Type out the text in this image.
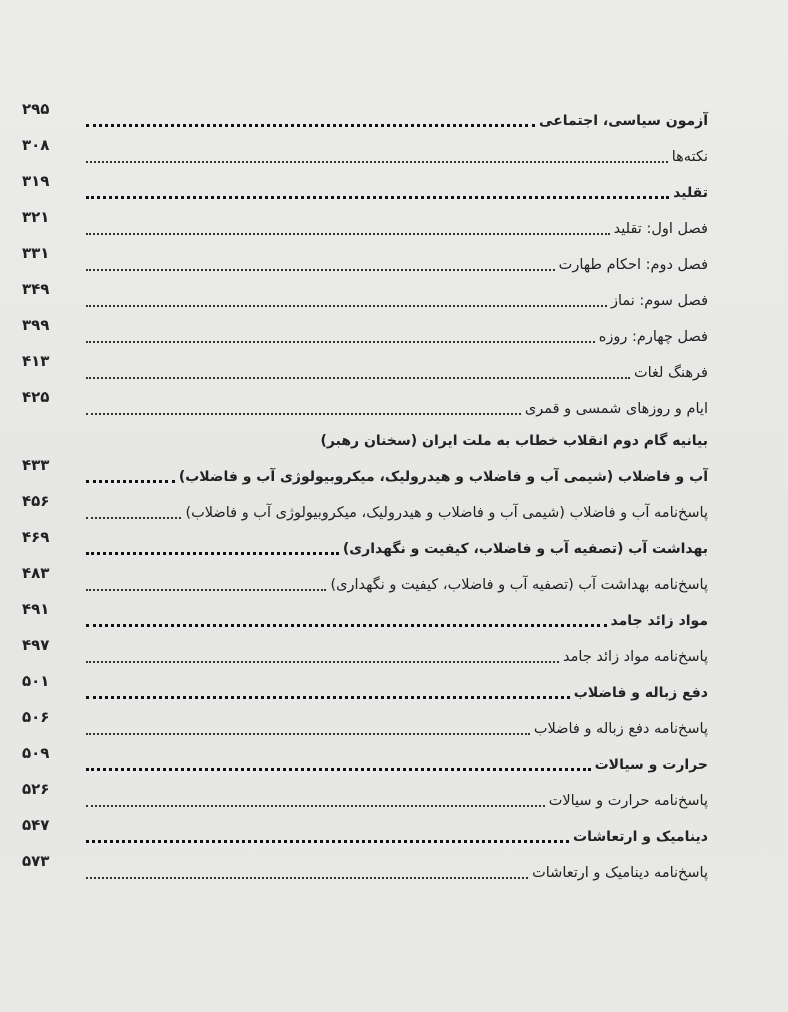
آزمون سیاسی، اجتماعی
۲۹۵
نکته‌ها
۳۰۸
تقلید
۳۱۹
فصل اول: تقلید
۳۲۱
فصل دوم: احکام طهارت
۳۳۱
فصل سوم: نماز
۳۴۹
فصل چهارم: روزه
۳۹۹
فرهنگ لغات
۴۱۳
ایام و روزهای شمسی و قمری
۴۲۵
بیانیه گام دوم انقلاب خطاب به ملت ایران (سخنان رهبر)
آب و فاضلاب (شیمی آب و فاضلاب و هیدرولیک، میکروبیولوژی آب و فاضلاب)
۴۳۳
پاسخ‌نامه آب و فاضلاب (شیمی آب و فاضلاب و هیدرولیک، میکروبیولوژی آب و فاضلاب)
۴۵۶
بهداشت آب (تصفیه آب و فاضلاب، کیفیت و نگهداری)
۴۶۹
پاسخ‌نامه بهداشت آب (تصفیه آب و فاضلاب، کیفیت و نگهداری)
۴۸۳
مواد زائد جامد
۴۹۱
پاسخ‌نامه مواد زائد جامد
۴۹۷
دفع زباله و فاضلاب
۵۰۱
پاسخ‌نامه دفع زباله و فاضلاب
۵۰۶
حرارت و سیالات
۵۰۹
پاسخ‌نامه حرارت و سیالات
۵۲۶
دینامیک و ارتعاشات
۵۴۷
پاسخ‌نامه دینامیک و ارتعاشات
۵۷۳
